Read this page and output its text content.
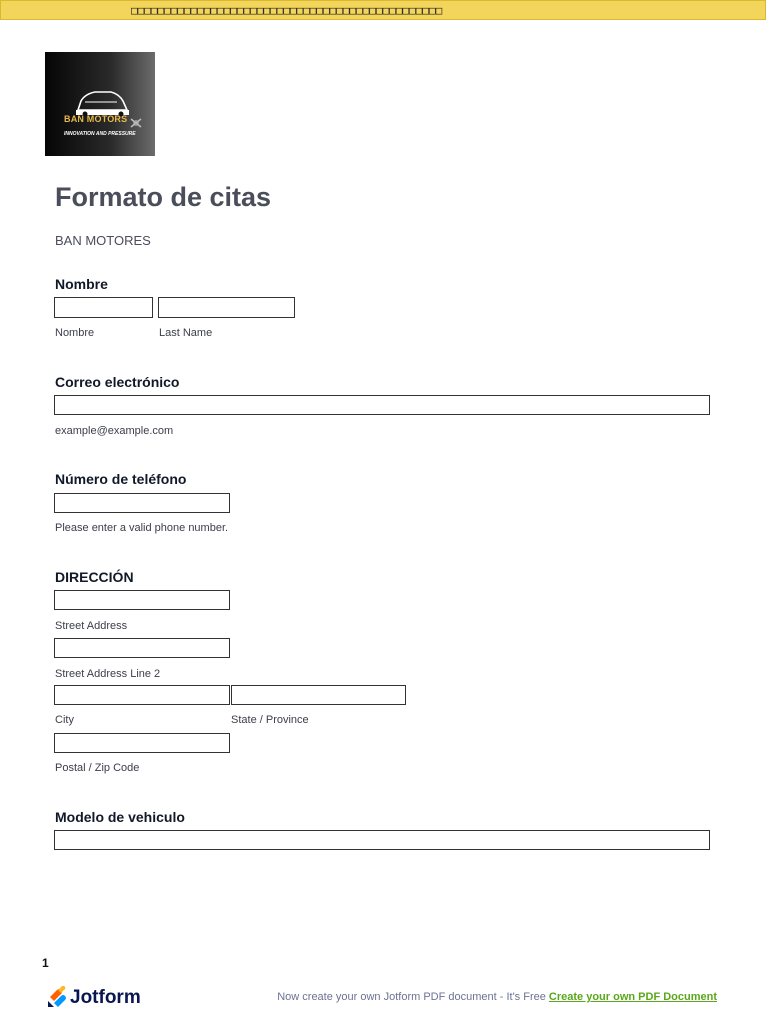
□□□□□□□□□□□□□□□□□□□□□□□□□□□□□□□□□□□□□□□□□□□□□□□
BAN MOTORS
INNOVATION AND PRESSURE
Formato de citas
BAN MOTORES
Nombre
Nombre	Last Name
Correo electrónico
example@example.com
Número de teléfono
Please enter a valid phone number.
DIRECCIÓN
Street Address
Street Address Line 2
City	State / Province
Postal / Zip Code
Modelo de vehiculo
1
Jotform	Now create your own Jotform PDF document - It's Free Create your own PDF Document
